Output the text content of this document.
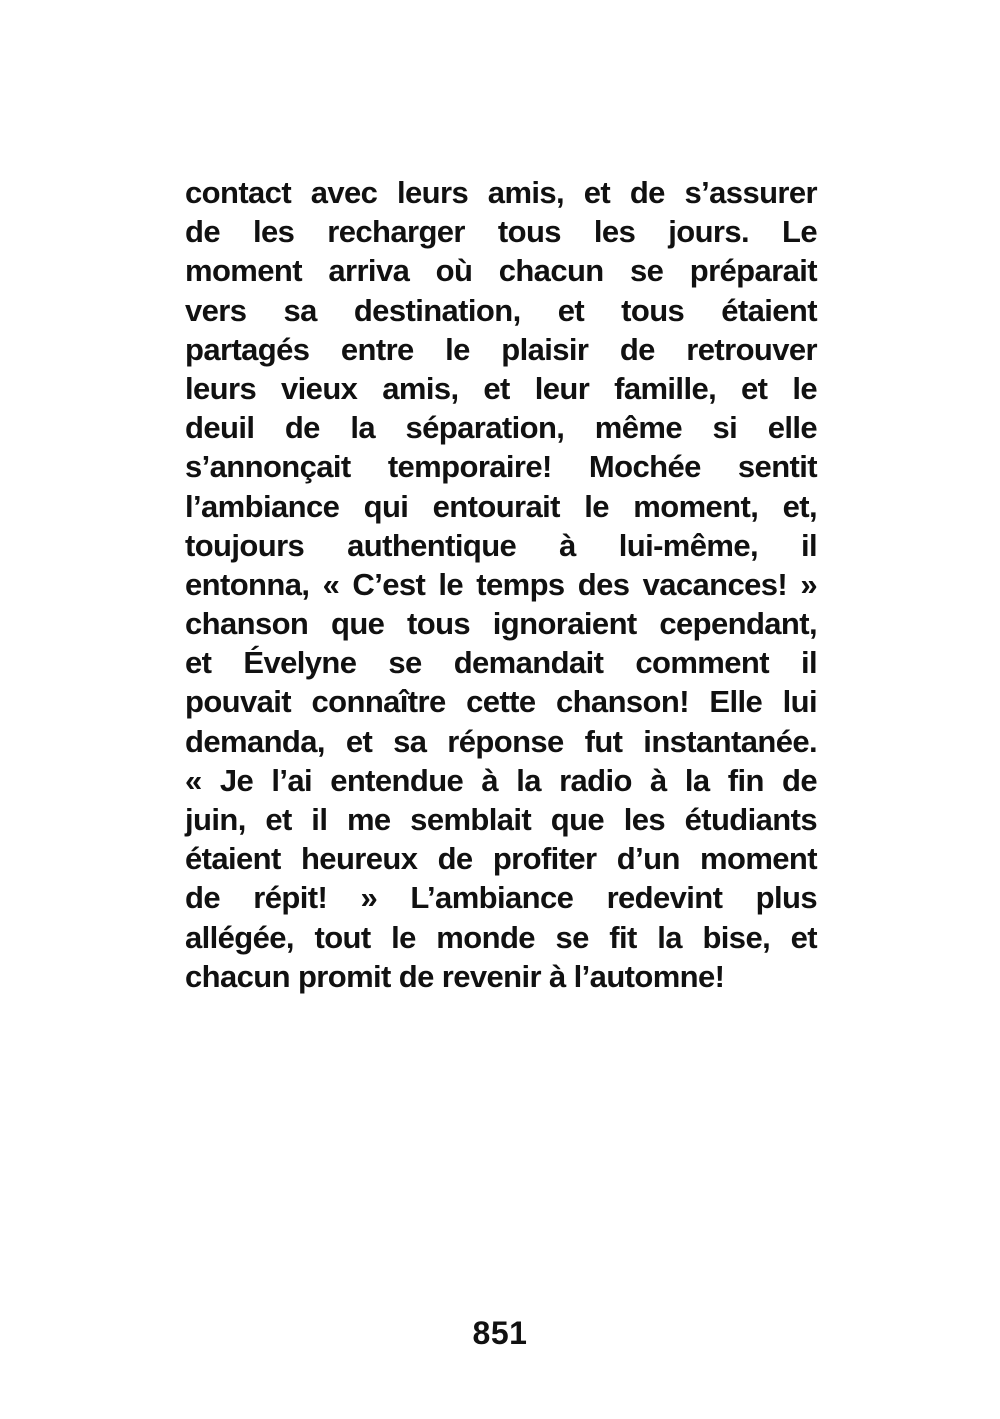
contact avec leurs amis, et de s’assurer
de les recharger tous les jours. Le
moment arriva où chacun se préparait
vers sa destination, et tous étaient
partagés entre le plaisir de retrouver
leurs vieux amis, et leur famille, et le
deuil de la séparation, même si elle
s’annonçait temporaire! Mochée sentit
l’ambiance qui entourait le moment, et,
toujours authentique à lui-même, il
entonna, « C’est le temps des vacances! »
chanson que tous ignoraient cependant,
et Évelyne se demandait comment il
pouvait connaître cette chanson! Elle lui
demanda, et sa réponse fut instantanée.
« Je l’ai entendue à la radio à la fin de
juin, et il me semblait que les étudiants
étaient heureux de profiter d’un moment
de répit! » L’ambiance redevint plus
allégée, tout le monde se fit la bise, et
chacun promit de revenir à l’automne!
851
